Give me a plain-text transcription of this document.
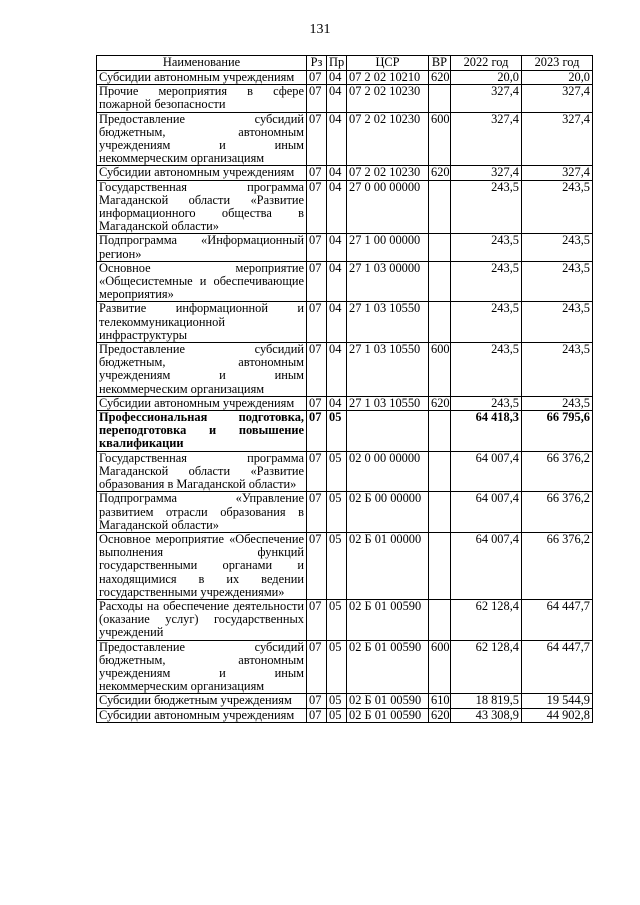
131
Наименование	Рз	Пр	ЦСР	ВР	2022 год	2023 год
Субсидии автономным учреждениям	07	04	07 2 02 10210	620	20,0	20,0
Прочие мероприятия в сфере пожарной безопасности	07	04	07 2 02 10230		327,4	327,4
Предоставление субсидий бюджетным, автономным учреждениям и иным некоммерческим организациям	07	04	07 2 02 10230	600	327,4	327,4
Субсидии автономным учреждениям	07	04	07 2 02 10230	620	327,4	327,4
Государственная программа Магаданской области «Развитие информационного общества в Магаданской области»	07	04	27 0 00 00000		243,5	243,5
Подпрограмма «Информационный регион»	07	04	27 1 00 00000		243,5	243,5
Основное мероприятие «Общесистемные и обеспечивающие мероприятия»	07	04	27 1 03 00000		243,5	243,5
Развитие информационной и телекоммуникационной инфраструктуры	07	04	27 1 03 10550		243,5	243,5
Предоставление субсидий бюджетным, автономным учреждениям и иным некоммерческим организациям	07	04	27 1 03 10550	600	243,5	243,5
Субсидии автономным учреждениям	07	04	27 1 03 10550	620	243,5	243,5
Профессиональная подготовка, переподготовка и повышение квалификации	07	05			64 418,3	66 795,6
Государственная программа Магаданской области «Развитие образования в Магаданской области»	07	05	02 0 00 00000		64 007,4	66 376,2
Подпрограмма «Управление развитием отрасли образования в Магаданской области»	07	05	02 Б 00 00000		64 007,4	66 376,2
Основное мероприятие «Обеспечение выполнения функций государственными органами и находящимися в их ведении государственными учреждениями»	07	05	02 Б 01 00000		64 007,4	66 376,2
Расходы на обеспечение деятельности (оказание услуг) государственных учреждений	07	05	02 Б 01 00590		62 128,4	64 447,7
Предоставление субсидий бюджетным, автономным учреждениям и иным некоммерческим организациям	07	05	02 Б 01 00590	600	62 128,4	64 447,7
Субсидии бюджетным учреждениям	07	05	02 Б 01 00590	610	18 819,5	19 544,9
Субсидии автономным учреждениям	07	05	02 Б 01 00590	620	43 308,9	44 902,8
